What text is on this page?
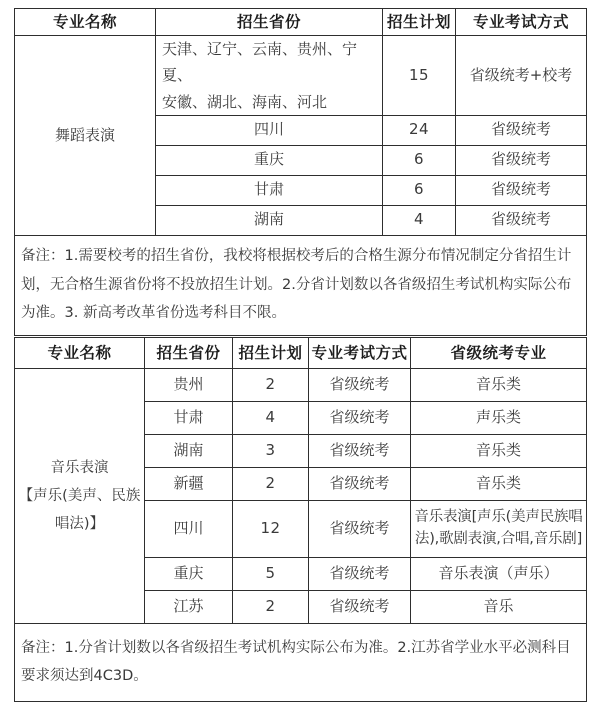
专业名称	招生省份	招生计划	专业考试方式
舞蹈表演	天津、辽宁、云南、贵州、宁夏、
安徽、湖北、海南、河北	15	省级统考+校考
	四川	24	省级统考
	重庆	6	省级统考
	甘肃	6	省级统考
	湖南	4	省级统考
备注：1.需要校考的招生省份，我校将根据校考后的合格生源分布情况制定分省招生计划，无合格生源省份将不投放招生计划。2.分省计划数以各省级招生考试机构实际公布为准。3. 新高考改革省份选考科目不限。			
专业名称	招生省份	招生计划	专业考试方式	省级统考专业

音乐表演
【声乐(美声、民族
唱法)】	贵州	2	省级统考	音乐类
	甘肃	4	省级统考	声乐类
	湖南	3	省级统考	音乐类
	新疆	2	省级统考	音乐类
	四川	12	省级统考	音乐表演[声乐(美声民族唱
法),歌剧表演,合唱,音乐剧]
	重庆	5	省级统考	音乐表演（声乐）
	江苏	2	省级统考	音乐
备注：1.分省计划数以各省级招生考试机构实际公布为准。2.江苏省学业水平必测科目要求须达到4C3D。				
